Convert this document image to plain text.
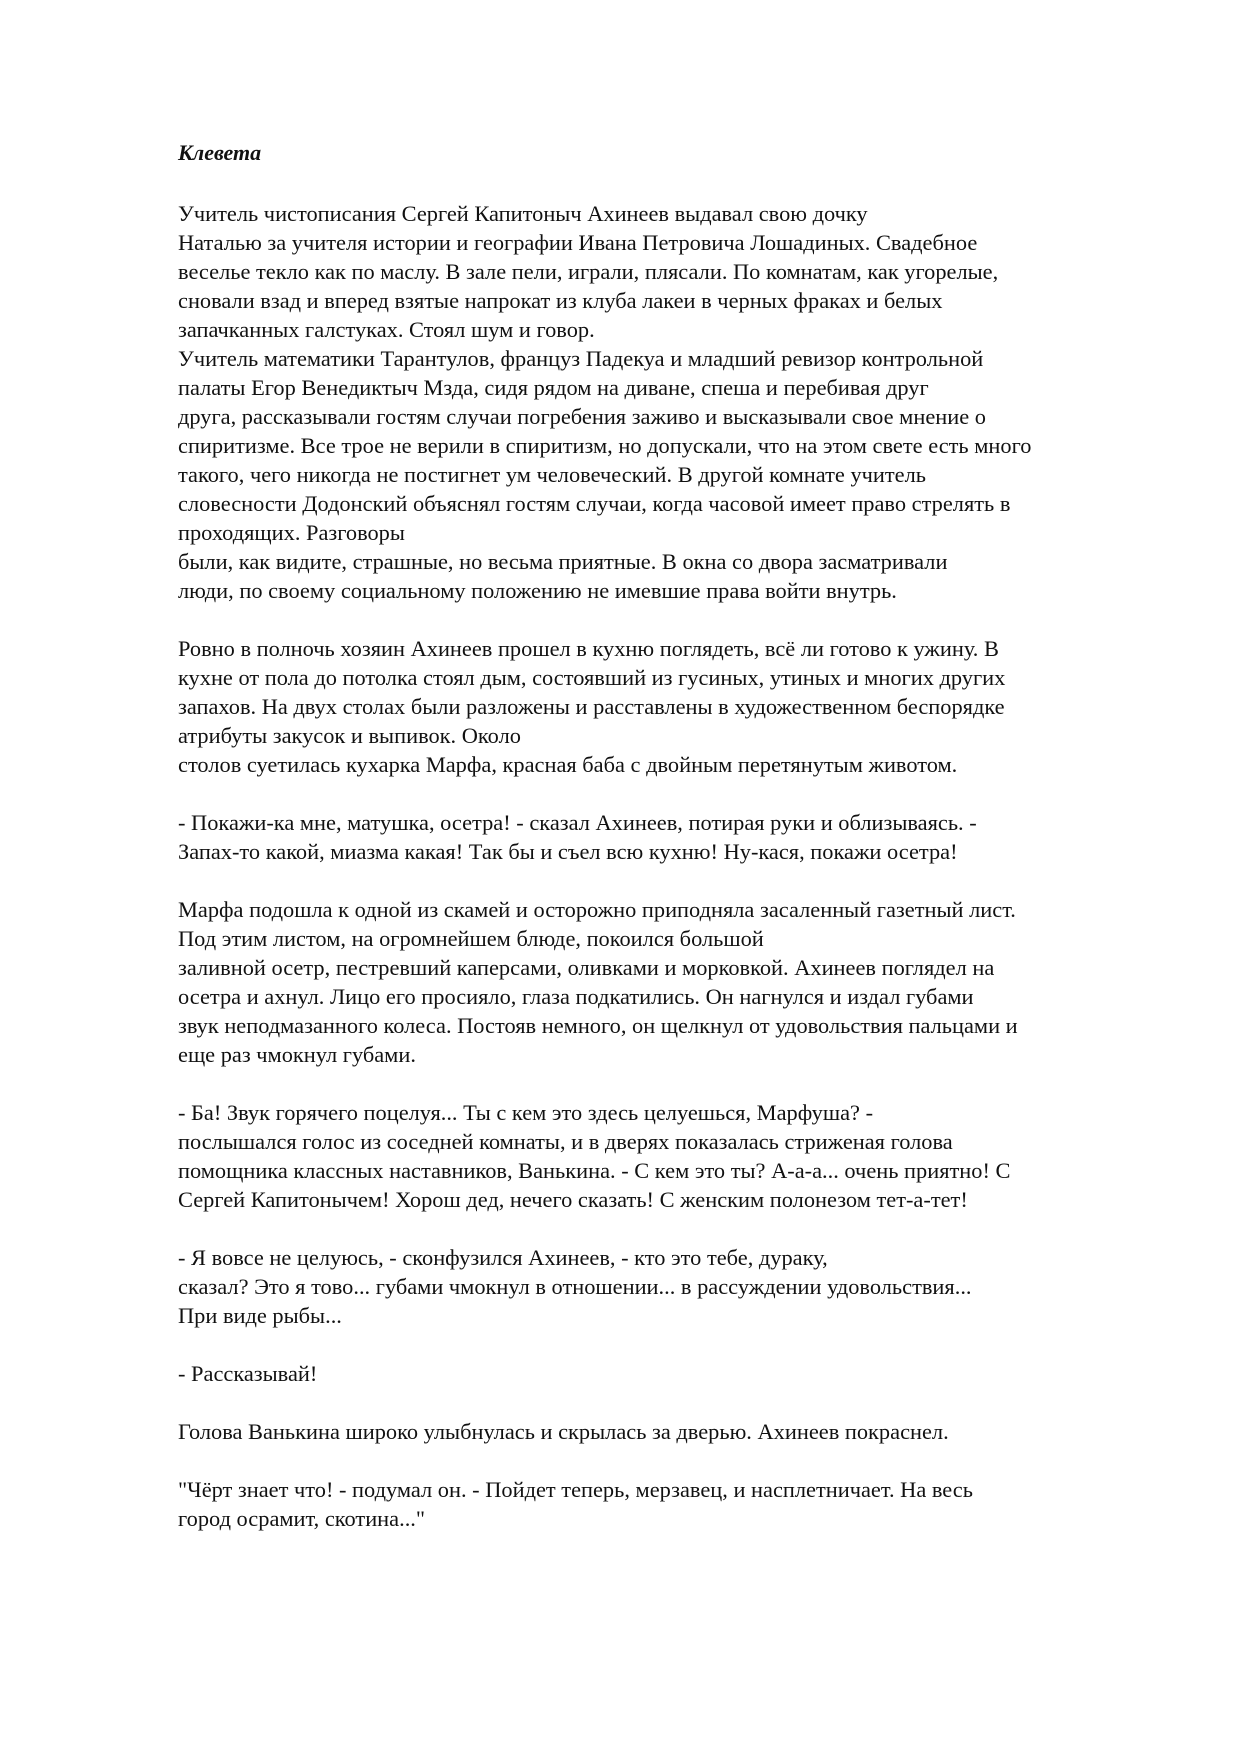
Клевета
Учитель чистописания Сергей Капитоныч Ахинеев выдавал свою дочку
Наталью за учителя истории и географии Ивана Петровича Лошадиных. Свадебное
веселье текло как по маслу. В зале пели, играли, плясали. По комнатам, как угорелые,
сновали взад и вперед взятые напрокат из клуба лакеи в черных фраках и белых
запачканных галстуках. Стоял шум и говор.
Учитель математики Тарантулов, француз Падекуа и младший ревизор контрольной
палаты Егор Венедиктыч Мзда, сидя рядом на диване, спеша и перебивая друг
друга, рассказывали гостям случаи погребения заживо и высказывали свое мнение о
спиритизме. Все трое не верили в спиритизм, но допускали, что на этом свете есть много
такого, чего никогда не постигнет ум человеческий. В другой комнате учитель
словесности Додонский объяснял гостям случаи, когда часовой имеет право стрелять в
проходящих. Разговоры
были, как видите, страшные, но весьма приятные. В окна со двора засматривали
люди, по своему социальному положению не имевшие права войти внутрь.
Ровно в полночь хозяин Ахинеев прошел в кухню поглядеть, всё ли готово к ужину. В
кухне от пола до потолка стоял дым, состоявший из гусиных, утиных и многих других
запахов. На двух столах были разложены и расставлены в художественном беспорядке
атрибуты закусок и выпивок. Около
столов суетилась кухарка Марфа, красная баба с двойным перетянутым животом.
- Покажи-ка мне, матушка, осетра! - сказал Ахинеев, потирая руки и облизываясь. -
Запах-то какой, миазма какая! Так бы и съел всю кухню! Ну-кася, покажи осетра!
Марфа подошла к одной из скамей и осторожно приподняла засаленный газетный лист.
Под этим листом, на огромнейшем блюде, покоился большой
заливной осетр, пестревший каперсами, оливками и морковкой. Ахинеев поглядел на
осетра и ахнул. Лицо его просияло, глаза подкатились. Он нагнулся и издал губами
звук неподмазанного колеса. Постояв немного, он щелкнул от удовольствия пальцами и
еще раз чмокнул губами.
- Ба! Звук горячего поцелуя... Ты с кем это здесь целуешься, Марфуша? -
послышался голос из соседней комнаты, и в дверях показалась стриженая голова
помощника классных наставников, Ванькина. - С кем это ты? А-а-а... очень приятно! С
Сергей Капитонычем! Хорош дед, нечего сказать! С женским полонезом тет-а-тет!
- Я вовсе не целуюсь, - сконфузился Ахинеев, - кто это тебе, дураку,
сказал? Это я тово... губами чмокнул в отношении... в рассуждении удовольствия...
При виде рыбы...
- Рассказывай!
Голова Ванькина широко улыбнулась и скрылась за дверью. Ахинеев покраснел.
"Чёрт знает что! - подумал он. - Пойдет теперь, мерзавец, и насплетничает. На весь
город осрамит, скотина..."
